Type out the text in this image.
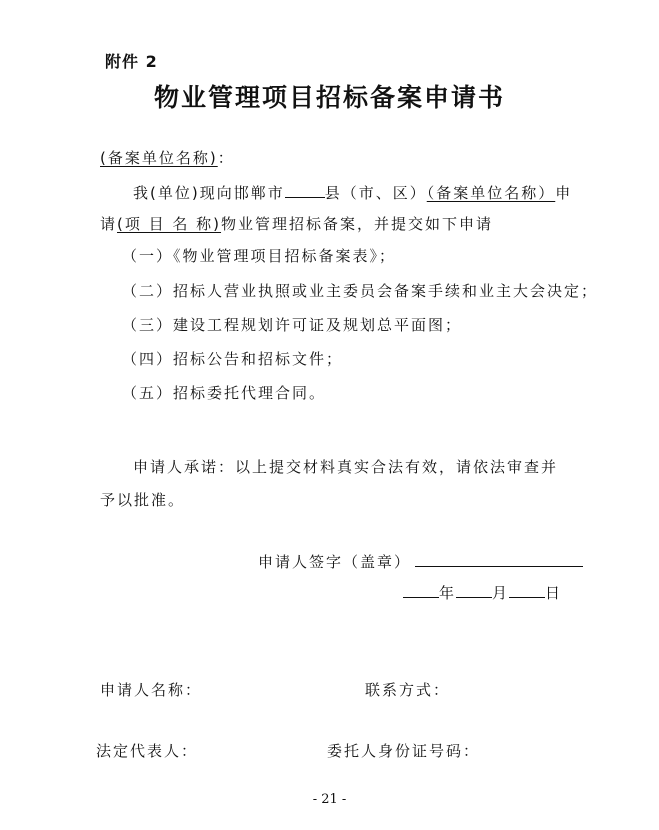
附件 2
物业管理项目招标备案申请书
(备案单位名称)：
我(单位)现向邯郸市	县（市、区）（备案单位名称）申
请(项 目 名 称)物业管理招标备案，并提交如下申请
（一）《物业管理项目招标备案表》；
（二）招标人营业执照或业主委员会备案手续和业主大会决定；
（三）建设工程规划许可证及规划总平面图；
（四）招标公告和招标文件；
（五）招标委托代理合同。
申请人承诺：以上提交材料真实合法有效，请依法审查并
予以批准。
申请人签字（盖章）
年 月 日
申请人名称：	联系方式：
法定代表人：	委托人身份证号码：
- 21 -
